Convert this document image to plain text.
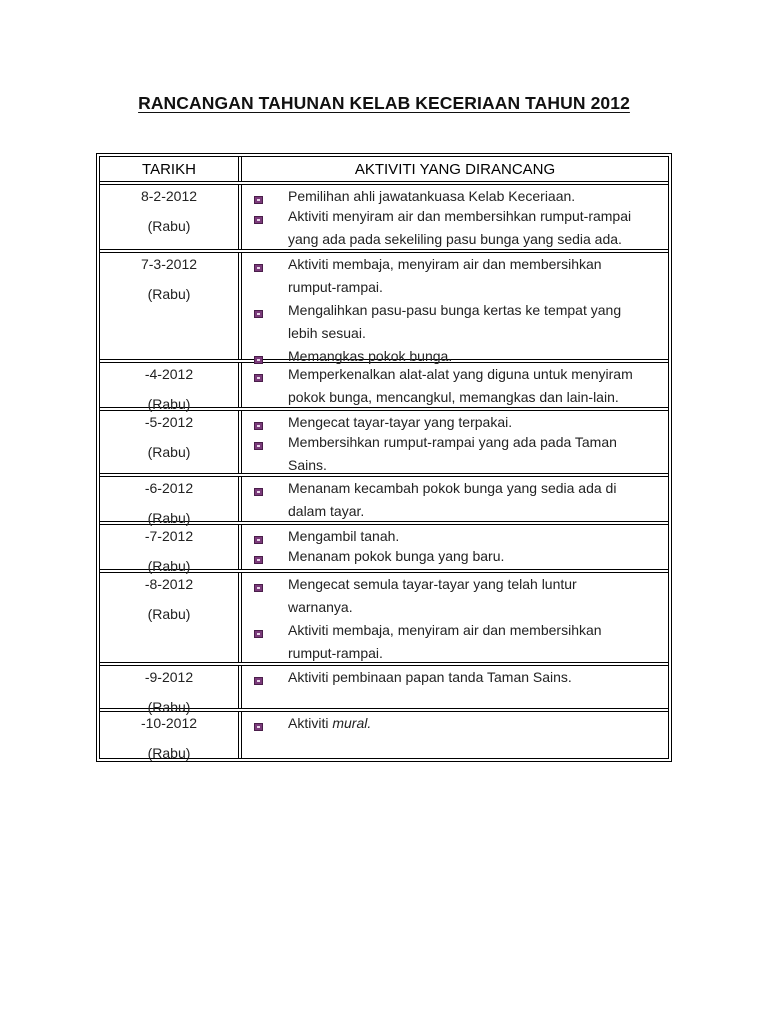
RANCANGAN TAHUNAN KELAB KECERIAAN TAHUN 2012
TARIKH	AKTIVITI YANG DIRANCANG
8-2-2012
(Rabu)
Pemilihan ahli jawatankuasa Kelab Keceriaan.
Aktiviti menyiram air dan membersihkan rumput-rampai
yang ada pada sekeliling pasu bunga yang sedia ada.
7-3-2012
(Rabu)
Aktiviti membaja, menyiram air dan membersihkan
rumput-rampai.
Mengalihkan pasu-pasu bunga kertas ke tempat yang
lebih sesuai.
Memangkas pokok bunga.
-4-2012
(Rabu)
Memperkenalkan alat-alat yang diguna untuk menyiram
pokok bunga, mencangkul, memangkas dan lain-lain.
-5-2012
(Rabu)
Mengecat tayar-tayar yang terpakai.
Membersihkan rumput-rampai yang ada pada Taman
Sains.
-6-2012
(Rabu)
Menanam kecambah pokok bunga yang sedia ada di
dalam tayar.
-7-2012
(Rabu)
Mengambil tanah.
Menanam pokok bunga yang baru.
-8-2012
(Rabu)
Mengecat semula tayar-tayar yang telah luntur
warnanya.
Aktiviti membaja, menyiram air dan membersihkan
rumput-rampai.
-9-2012
(Rabu)
Aktiviti pembinaan papan tanda Taman Sains.
-10-2012
(Rabu)
Aktiviti mural.
